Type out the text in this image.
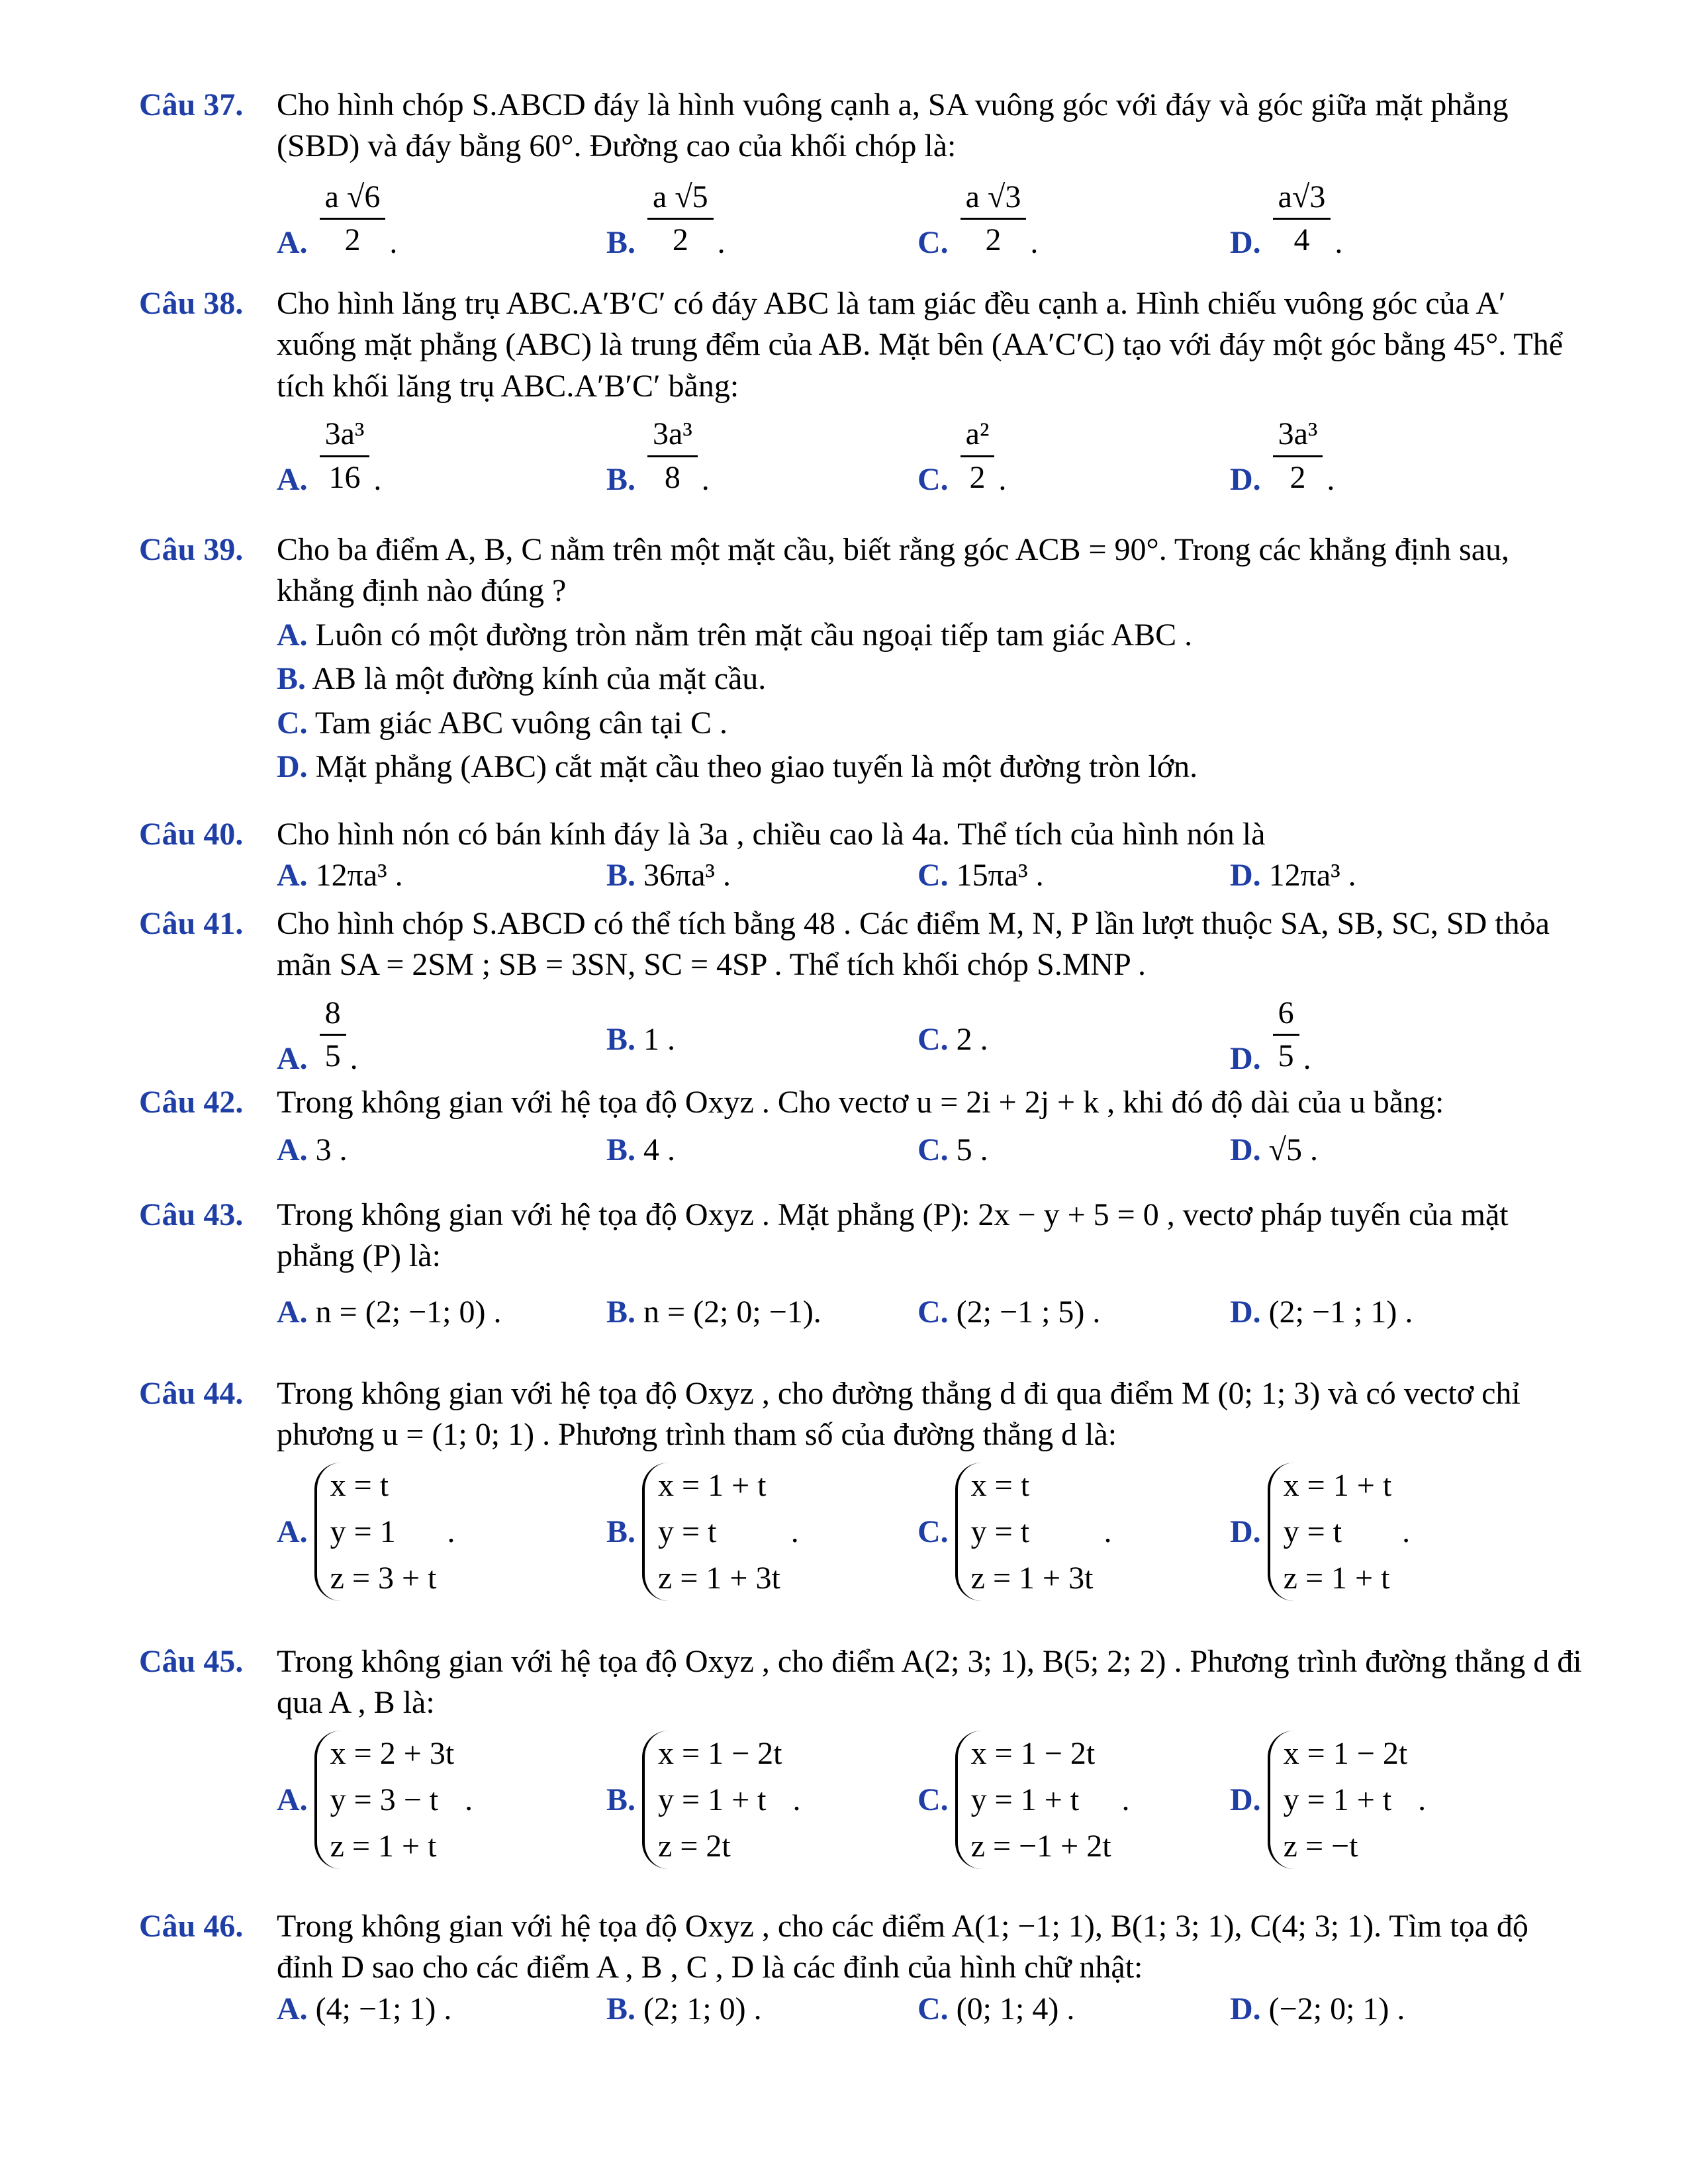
Câu 37.	Cho hình chóp S.ABCD đáy là hình vuông cạnh a, SA vuông góc với đáy và góc giữa mặt phẳng (SBD) và đáy bằng 60°. Đường cao của khối chóp là:
A. $\frac{a √6}{2}$ .	B. $\frac{a √5}{2}$ .	C. $\frac{a √3}{2}$ .	D. $\frac{a√3}{4}$ .
Câu 38.	Cho hình lăng trụ ABC.A′B′C′ có đáy ABC là tam giác đều cạnh a. Hình chiếu vuông góc của A′ xuống mặt phẳng (ABC) là trung đểm của AB. Mặt bên (AA′C′C) tạo với đáy một góc bằng 45°. Thể tích khối lăng trụ ABC.A′B′C′ bằng:
A. $\frac{\text{3a³}}{16}$ .	B. $\frac{\text{3a³}}{8}$ .	C. $\frac{\text{a²}}{2}$ .	D. $\frac{\text{3a³}}{2}$ .
Câu 39.	Cho ba điểm A, B, C nằm trên một mặt cầu, biết rằng góc ACB = 90°. Trong các khẳng định sau, khẳng định nào đúng ?
A. Luôn có một đường tròn nằm trên mặt cầu ngoại tiếp tam giác ABC .
B. AB là một đường kính của mặt cầu.
C. Tam giác ABC vuông cân tại C .
D. Mặt phẳng (ABC) cắt mặt cầu theo giao tuyến là một đường tròn lớn.
Câu 40.	Cho hình nón có bán kính đáy là 3a , chiều cao là 4a. Thể tích của hình nón là
A. 12πa³ .	B. 36πa³ .	C. 15πa³ .	D. 12πa³ .
Câu 41.	Cho hình chóp S.ABCD có thể tích bằng 48 . Các điểm M, N, P lần lượt thuộc SA, SB, SC, SD thỏa mãn SA = 2SM ; SB = 3SN, SC = 4SP . Thể tích khối chóp S.MNP .
A. $\frac{8}{5}$ .
B. 1 .	C. 2 .
D. $\frac{6}{5}$ .
Câu 42.	Trong không gian với hệ tọa độ Oxyz . Cho vectơ u = 2i + 2j + k , khi đó độ dài của u bằng:
A. 3 .	B. 4 .	C. 5 .	D. √5 .
Câu 43.	Trong không gian với hệ tọa độ Oxyz . Mặt phẳng (P): 2x − y + 5 = 0 , vectơ pháp tuyến của mặt phẳng (P) là:
A. n = (2; −1; 0) .	B. n = (2; 0; −1).	C. (2; −1 ; 5) .	D. (2; −1 ; 1) .
Câu 44.	Trong không gian với hệ tọa độ Oxyz , cho đường thẳng d đi qua điểm M (0; 1; 3) và có vectơ chỉ phương u = (1; 0; 1) . Phương trình tham số của đường thẳng d là:
A.
x = t
y = 1
z = 3 + t
.	B.
x = 1 + t
y = t
z = 1 + 3t
.	C.
x = t
y = t
z = 1 + 3t
.	D.
x = 1 + t
y = t
z = 1 + t
.
Câu 45.	Trong không gian với hệ tọa độ Oxyz , cho điểm A(2; 3; 1), B(5; 2; 2) . Phương trình đường thẳng d đi qua A , B là:
A.
x = 2 + 3t
y = 3 − t
z = 1 + t
.	B.
x = 1 − 2t
y = 1 + t
z = 2t
.	C.
x = 1 − 2t
y = 1 + t
z = −1 + 2t
.	D.
x = 1 − 2t
y = 1 + t
z = −t
.
Câu 46.	Trong không gian với hệ tọa độ Oxyz , cho các điểm A(1; −1; 1), B(1; 3; 1), C(4; 3; 1). Tìm tọa độ đỉnh D sao cho các điểm A , B , C , D là các đỉnh của hình chữ nhật:
A. (4; −1; 1) .	B. (2; 1; 0) .	C. (0; 1; 4) .	D. (−2; 0; 1) .
